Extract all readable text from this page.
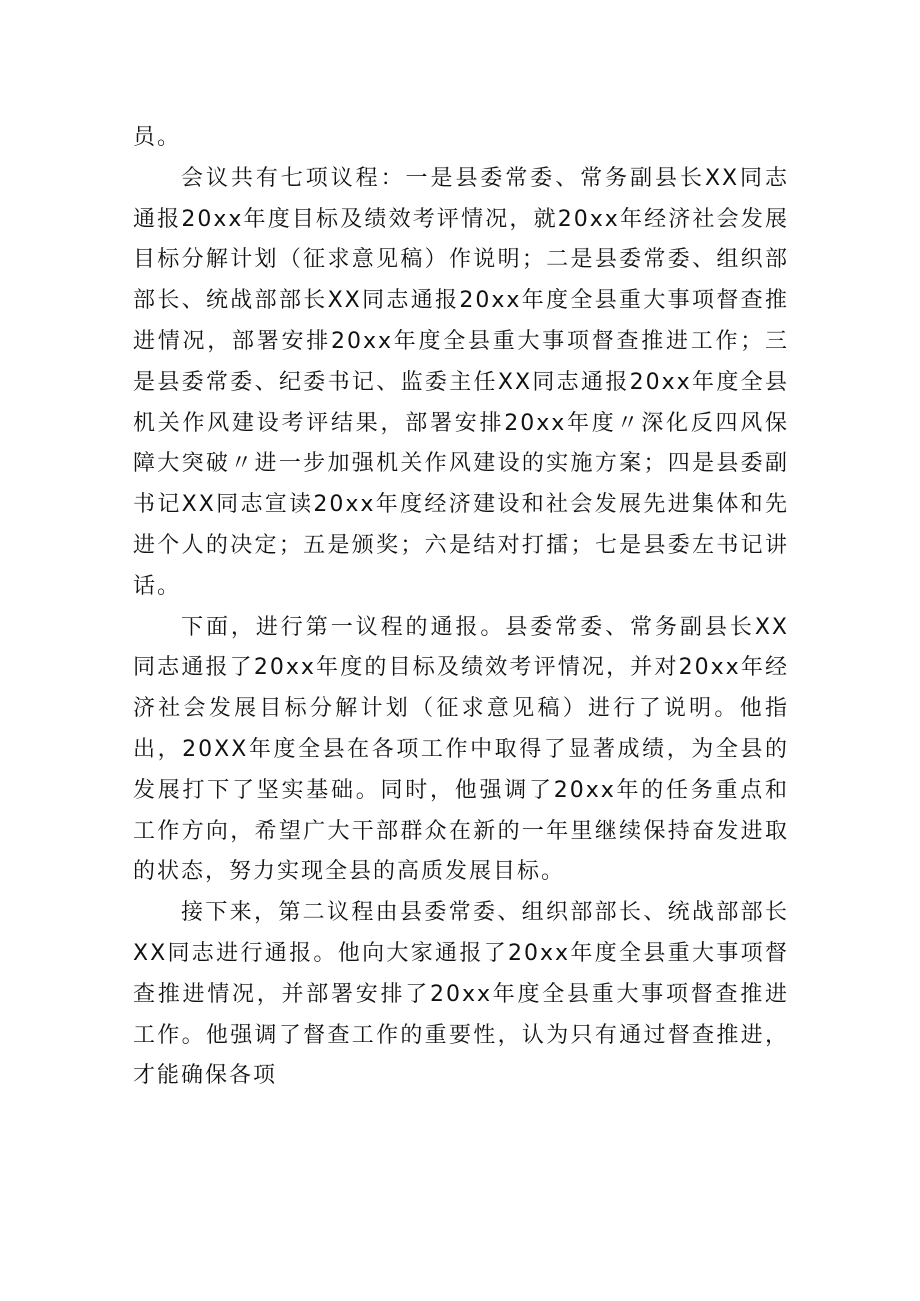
员。

会议共有七项议程：一是县委常委、常务副县长XX同志通报20xx年度目标及绩效考评情况，就20xx年经济社会发展目标分解计划（征求意见稿）作说明；二是县委常委、组织部部长、统战部部长XX同志通报20xx年度全县重大事项督查推进情况，部署安排20xx年度全县重大事项督查推进工作；三是县委常委、纪委书记、监委主任XX同志通报20xx年度全县机关作风建设考评结果，部署安排20xx年度〃深化反四风保障大突破〃进一步加强机关作风建设的实施方案；四是县委副书记XX同志宣读20xx年度经济建设和社会发展先进集体和先进个人的决定；五是颁奖；六是结对打擂；七是县委左书记讲话。

下面，进行第一议程的通报。县委常委、常务副县长XX同志通报了20xx年度的目标及绩效考评情况，并对20xx年经济社会发展目标分解计划（征求意见稿）进行了说明。他指出，20XX年度全县在各项工作中取得了显著成绩，为全县的发展打下了坚实基础。同时，他强调了20xx年的任务重点和工作方向，希望广大干部群众在新的一年里继续保持奋发进取的状态，努力实现全县的高质发展目标。

接下来，第二议程由县委常委、组织部部长、统战部部长XX同志进行通报。他向大家通报了20xx年度全县重大事项督查推进情况，并部署安排了20xx年度全县重大事项督查推进工作。他强调了督查工作的重要性，认为只有通过督查推进，才能确保各项
